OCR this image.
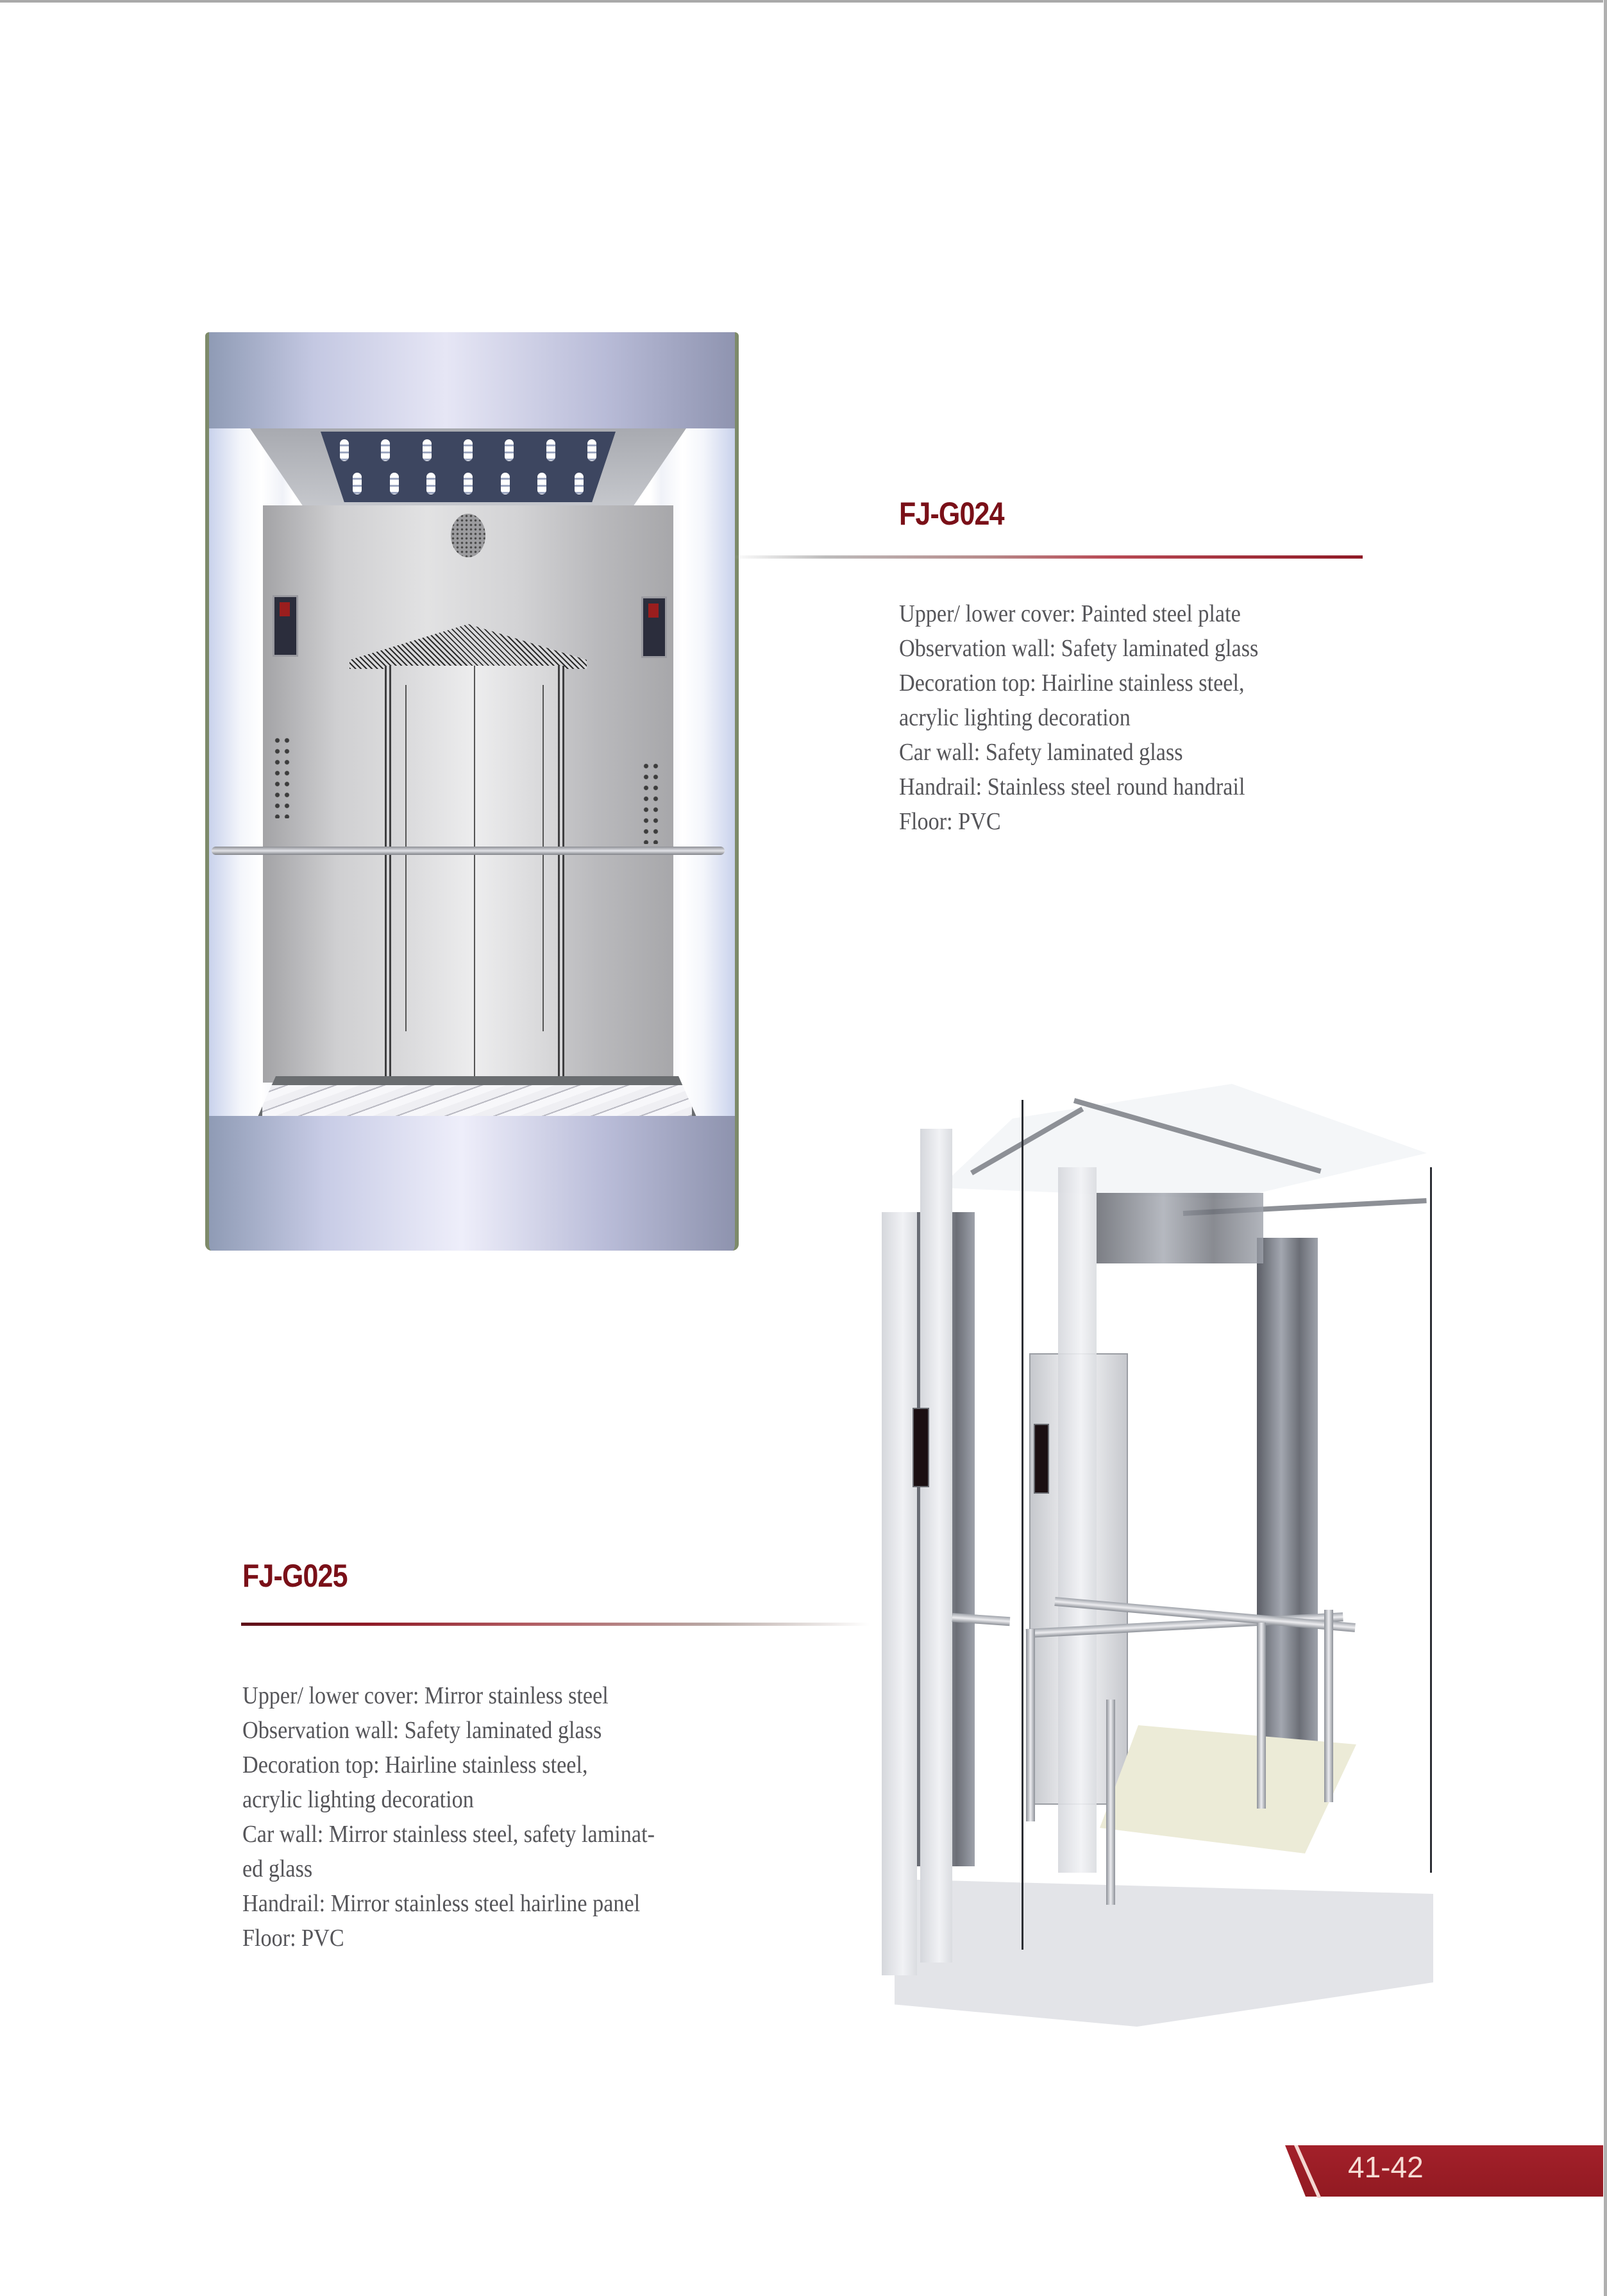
FJ-G024
Upper/ lower cover: Painted steel plate
Observation wall: Safety laminated glass
Decoration top: Hairline stainless steel,
acrylic lighting decoration
Car wall: Safety laminated glass
Handrail: Stainless steel round handrail
Floor: PVC
FJ-G025
Upper/ lower cover: Mirror stainless steel
Observation wall: Safety laminated glass
Decoration top: Hairline stainless steel,
acrylic lighting decoration
Car wall: Mirror stainless steel, safety laminat-
ed glass
Handrail: Mirror stainless steel hairline panel
Floor: PVC
41-42
